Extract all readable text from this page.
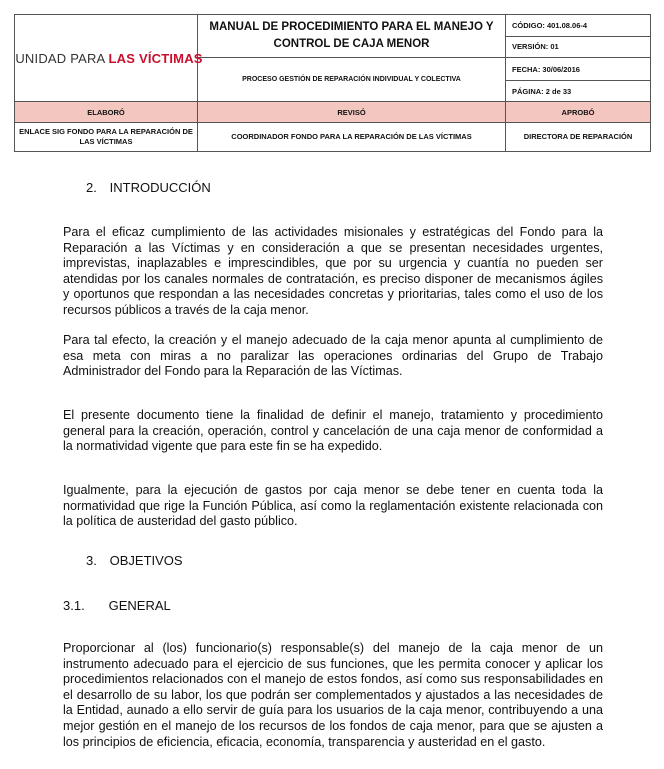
UNIDAD PARA LAS VÍCTIMAS	MANUAL DE PROCEDIMIENTO PARA EL MANEJO Y CONTROL DE CAJA MENOR	CÓDIGO: 401.08.06-4
		VERSIÓN: 01
	PROCESO GESTIÓN DE REPARACIÓN INDIVIDUAL Y COLECTIVA	FECHA: 30/06/2016
		PÁGINA: 2 de 33
ELABORÓ	REVISÓ	APROBÓ
ENLACE SIG FONDO PARA LA REPARACIÓN DE LAS VÍCTIMAS	COORDINADOR FONDO PARA LA REPARACIÓN DE LAS VÍCTIMAS	DIRECTORA DE REPARACIÓN
2. INTRODUCCIÓN
Para el eficaz cumplimiento de las actividades misionales y estratégicas del Fondo para la Reparación a las Víctimas y en consideración a que se presentan necesidades urgentes, imprevistas, inaplazables e imprescindibles, que por su urgencia y cuantía no pueden ser atendidas por los canales normales de contratación, es preciso disponer de mecanismos ágiles y oportunos que respondan a las necesidades concretas y prioritarias, tales como el uso de los recursos públicos a través de la caja menor.
Para tal efecto, la creación y el manejo adecuado de la caja menor apunta al cumplimiento de esa meta con miras a no paralizar las operaciones ordinarias del Grupo de Trabajo Administrador del Fondo para la Reparación de las Víctimas.
El presente documento tiene la finalidad de definir el manejo, tratamiento y procedimiento general para la creación, operación, control y cancelación de una caja menor de conformidad a la normatividad vigente que para este fin se ha expedido.
Igualmente, para la ejecución de gastos por caja menor se debe tener en cuenta toda la normatividad que rige la Función Pública, así como la reglamentación existente relacionada con la política de austeridad del gasto público.
3. OBJETIVOS
3.1. GENERAL
Proporcionar al (los) funcionario(s) responsable(s) del manejo de la caja menor de un instrumento adecuado para el ejercicio de sus funciones, que les permita conocer y aplicar los procedimientos relacionados con el manejo de estos fondos, así como sus responsabilidades en el desarrollo de su labor, los que podrán ser complementados y ajustados a las necesidades de la Entidad, aunado a ello servir de guía para los usuarios de la caja menor, contribuyendo a una mejor gestión en el manejo de los recursos de los fondos de caja menor, para que se ajusten a los principios de eficiencia, eficacia, economía, transparencia y austeridad en el gasto.
